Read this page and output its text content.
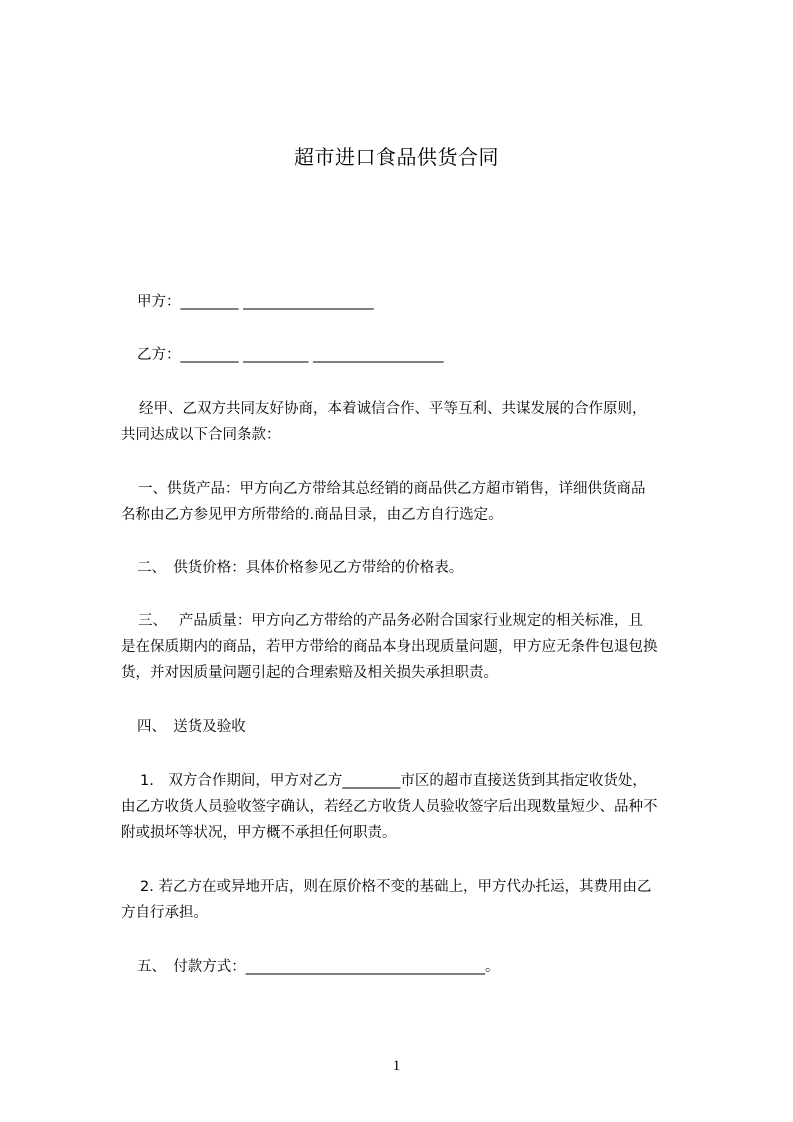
超市进口食品供货合同
甲方：________ __________________
乙方：________ _________ __________________
经甲、乙双方共同友好协商，本着诚信合作、平等互利、共谋发展的合作原则，
共同达成以下合同条款：
一、供货产品：甲方向乙方带给其总经销的商品供乙方超市销售，详细供货商品
名称由乙方参见甲方所带给的.商品目录，由乙方自行选定。
二、　供货价格：具体价格参见乙方带给的价格表。
三、　 产品质量：甲方向乙方带给的产品务必附合国家行业规定的相关标准，且
是在保质期内的商品，若甲方带给的商品本身出现质量问题，甲方应无条件包退包换
货，并对因质量问题引起的合理索赔及相关损失承担职责。
四、　送货及验收
1.　双方合作期间，甲方对乙方________市区的超市直接送货到其指定收货处，
由乙方收货人员验收签字确认，若经乙方收货人员验收签字后出现数量短少、品种不
附或损坏等状况，甲方概不承担任何职责。
2. 若乙方在或异地开店，则在原价格不变的基础上，甲方代办托运，其费用由乙
方自行承担。
五、　付款方式：_________________________________。
1
